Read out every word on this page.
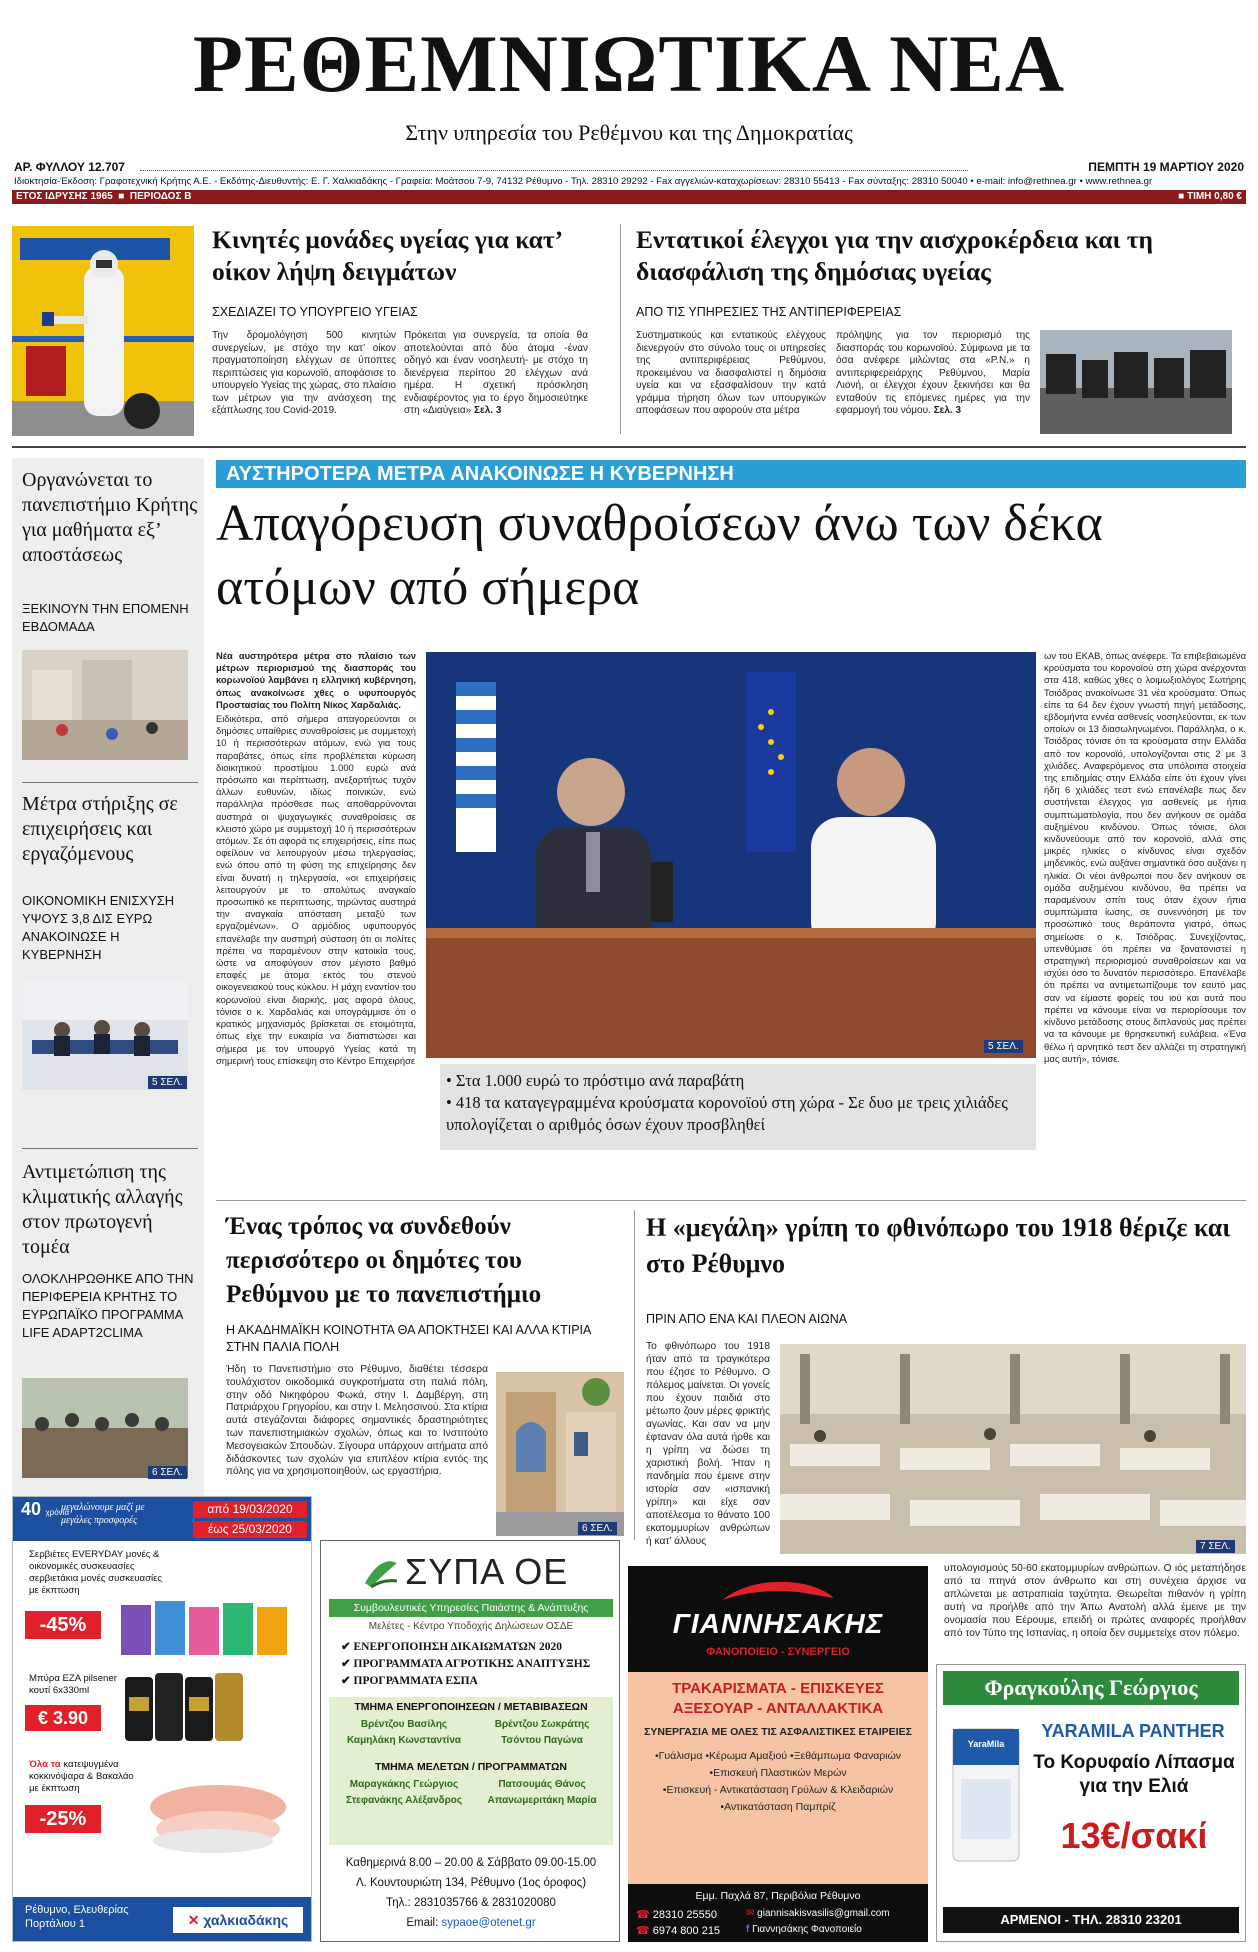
ΡΕΘΕΜΝΙΩΤΙΚΑ ΝΕΑ
Στην υπηρεσία του Ρεθέμνου και της Δημοκρατίας
ΑΡ. ΦΥΛΛΟΥ 12.707	ΠΕΜΠΤΗ 19 ΜΑΡΤΙΟΥ 2020
Ιδιοκτησία-Έκδοση: Γραφοτεχνική Κρήτης Α.Ε. - Εκδότης-Διευθυντής: Ε. Γ. Χαλκιαδάκης - Γραφεία: Μοάτσου 7-9, 74132 Ρέθυμνο - Τηλ. 28310 29292 - Fax αγγελιών-καταχωρίσεων: 28310 55413 - Fax σύνταξης: 28310 50040 • e-mail: info@rethnea.gr • www.rethnea.gr
ΕΤΟΣ ΙΔΡΥΣΗΣ 1965  ■  ΠΕΡΙΟΔΟΣ Β	■ ΤΙΜΗ 0,80 €
Κινητές μονάδες υγείας για κατ’ οίκον λήψη δειγμάτων
ΣΧΕΔΙΑΖΕΙ ΤΟ ΥΠΟΥΡΓΕΙΟ ΥΓΕΙΑΣ
Την δρομολόγηση 500 κινητών συνεργείων, με στόχο την κατ’ οίκον πραγματοποίηση ελέγχων σε ύποπτες περιπτώσεις για κορωνοϊό, αποφάσισε το υπουργείο Υγείας της χώρας, στο πλαίσιο των μέτρων για την ανάσχεση της εξάπλωσης του Covid-2019.
Πρόκειται για συνεργεία, τα οποία θα αποτελούνται από δύο άτομα -έναν οδηγό και έναν νοσηλευτή- με στόχο τη διενέργεια περίπου 20 ελέγχων ανά ημέρα. Η σχετική πρόσκληση ενδιαφέροντος για το έργο δημοσιεύτηκε στη «Διαύγεια» Σελ. 3
Εντατικοί έλεγχοι για την αισχροκέρδεια και τη διασφάλιση της δημόσιας υγείας
ΑΠΟ ΤΙΣ ΥΠΗΡΕΣΙΕΣ ΤΗΣ ΑΝΤΙΠΕΡΙΦΕΡΕΙΑΣ
Συστηματικούς και εντατικούς ελέγχους διενεργούν στο σύνολο τους οι υπηρεσίες της αντιπεριφέρειας Ρεθύμνου, προκειμένου να διασφαλιστεί η δημόσια υγεία και να εξασφαλίσουν την κατά γράμμα τήρηση όλων των υπουργικών αποφάσεων που αφορούν στα μέτρα
πρόληψης για τον περιορισμό της διασποράς του κορωνοϊού. Σύμφωνα με τα όσα ανέφερε μιλώντας στα «Ρ.Ν.» η αντιπεριφερειάρχης Ρεθύμνου, Μαρία Λιονή, οι έλεγχοι έχουν ξεκινήσει και θα ενταθούν τις επόμενες ημέρες για την εφαρμογή του νόμου. Σελ. 3
Οργανώνεται το πανεπιστήμιο Κρήτης για μαθήματα εξ’ αποστάσεως
ΞΕΚΙΝΟΥΝ ΤΗΝ ΕΠΟΜΕΝΗ ΕΒΔΟΜΑΔΑ
Μέτρα στήριξης σε επιχειρήσεις και εργαζόμενους
ΟΙΚΟΝΟΜΙΚΗ ΕΝΙΣΧΥΣΗ ΥΨΟΥΣ 3,8 ΔΙΣ ΕΥΡΩ ΑΝΑΚΟΙΝΩΣΕ Η ΚΥΒΕΡΝΗΣΗ
5 ΣΕΛ.
Αντιμετώπιση της κλιματικής αλλαγής στον πρωτογενή τομέα
ΟΛΟΚΛΗΡΩΘΗΚΕ ΑΠΟ ΤΗΝ ΠΕΡΙΦΕΡΕΙΑ ΚΡΗΤΗΣ ΤΟ ΕΥΡΩΠΑΪΚΟ ΠΡΟΓΡΑΜΜΑ LIFE ADAPT2CLIMA
6 ΣΕΛ.
ΑΥΣΤΗΡΟΤΕΡΑ ΜΕΤΡΑ ΑΝΑΚΟΙΝΩΣΕ Η ΚΥΒΕΡΝΗΣΗ
Απαγόρευση συναθροίσεων άνω των δέκα ατόμων από σήμερα
Νέα αυστηρότερα μέτρα στο πλαίσιο των μέτρων περιορισμού της διασποράς του κορωνοϊού λαμβάνει η ελληνική κυβέρνηση, όπως ανακοίνωσε χθες ο υφυπουργός Προστασίας του Πολίτη Νίκος Χαρδαλιάς.
Ειδικότερα, από σήμερα απαγορεύονται οι δημόσιες υπαίθριες συναθροίσεις με συμμετοχή 10 ή περισσότερων ατόμων, ενώ για τους παραβάτες, όπως είπε προβλέπεται κύρωση διοικητικού προστίμου 1.000 ευρώ ανά πρόσωπο και περίπτωση, ανεξαρτήτως τυχόν άλλων ευθυνών, ιδίως ποινικών, ενώ παράλληλα πρόσθεσε πως αποθαρρύνονται αυστηρά οι ψυχαγωγικές συναθροίσεις σε κλειστό χώρο με συμμετοχή 10 ή περισσότερων ατόμων. Σε ότι αφορά τις επιχειρήσεις, είπε πως οφείλουν να λειτουργούν μέσω τηλεργασίας, ενώ όπου από τη φύση της επιχείρησης δεν είναι δυνατή η τηλεργασία, «οι επιχειρήσεις λειτουργούν με το απολύτως αναγκαίο προσωπικό κε περιπτωσης, τηρώντας αυστηρά την αναγκαία απόσταση μεταξύ των εργαζομένων». Ο αρμόδιος υφυπουργός επανέλαβε την αυστηρή σύσταση ότι οι πολίτες πρέπει να παραμένουν στην κατοικία τους, ώστε να αποφύγουν στον μέγιστο βαθμό επαφές με άτομα εκτός του στενού οικογενειακού τους κύκλου. Η μάχη εναντίον του κορωνοϊού είναι διαρκής, μας αφορά όλους, τόνισε ο κ. Χαρδαλιάς και υπογράμμισε ότι ο κρατικός μηχανισμός βρίσκεται σε ετοιμότητα, όπως είχε την ευκαιρία να διαπιστώσει και σήμερα με τον υπουργό Υγείας κατά τη σημερινή τους επίσκεψη στο Κέντρο Επιχειρήσε
5 ΣΕΛ.
• Στα 1.000 ευρώ το πρόστιμο ανά παραβάτη
• 418 τα καταγεγραμμένα κρούσματα κορονοϊού στη χώρα - Σε δυο με τρεις χιλιάδες υπολογίζεται ο αριθμός όσων έχουν προσβληθεί
ων του ΕΚΑΒ, όπως ανέφερε. Τα επιβεβαιωμένα κρούσματα του κορονοϊού στη χώρα ανέρχονται στα 418, καθώς χθες ο λοιμωξιολόγος Σωτήρης Τσιόδρας ανακοίνωσε 31 νέα κρούσματα. Όπως είπε τα 64 δεν έχουν γνωστή πηγή μετάδοσης, εβδομήντα εννέα ασθενείς νοσηλεύονται, εκ των οποίων οι 13 διασωληνωμένοι. Παράλληλα, ο κ. Τσιόδρας τόνισε ότι τα κρούσματα στην Ελλάδα από τον κορονοϊό, υπολογίζονται στις 2 με 3 χιλιάδες. Αναφερόμενος στα υπόλοιπα στοιχεία της επιδημίας στην Ελλάδα είπε ότι έχουν γίνει ήδη 6 χιλιάδες τεστ ενώ επανέλαβε πως δεν συστήνεται έλεγχος για ασθενείς με ήπια συμπτωματολογία, που δεν ανήκουν σε ομάδα αυξημένου κινδύνου. Όπως τόνισε, όλοι κινδυνεύουμε από τον κορονοϊό, αλλά στις μικρές ηλικίες ο κίνδυνος είναι σχεδόν μηδενικός, ενώ αυξάνει σημαντικά όσο αυξάνει η ηλικία. Οι νέοι άνθρωποι που δεν ανήκουν σε ομάδα αυξημένου κινδύνου, θα πρέπει να παραμένουν σπίτι τους όταν έχουν ήπια συμπτώματα ίωσης, σε συνεννόηση με τον προσωπικό τους θεράποντα γιατρό, όπως σημείωσε ο κ. Τσιόδρας. Συνεχίζοντας, υπενθύμισε ότι πρέπει να ξανατονιστεί η στρατηγική περιορισμού συναθροίσεων και να ισχύει όσο το δυνατόν περισσότερο. Επανέλαβε ότι πρέπει να αντιμετωπίζουμε τον εαυτό μας σαν να είμαστε φορείς του ιού και αυτά που πρέπει να κάνουμε είναι να περιορίσουμε τον κίνδυνο μετάδοσης στους διπλανούς μας πρέπει να τα κάνουμε με θρησκευτική ευλάβεια. «Ένα θέλω ή αρνητικό τεστ δεν αλλάζει τη στρατηγική μας αυτή», τόνισε.
Ένας τρόπος να συνδεθούν περισσότερο οι δημότες του Ρεθύμνου με το πανεπιστήμιο
Η ΑΚΑΔΗΜΑΪΚΗ ΚΟΙΝΟΤΗΤΑ ΘΑ ΑΠΟΚΤΗΣΕΙ ΚΑΙ ΑΛΛΑ ΚΤΙΡΙΑ ΣΤΗΝ ΠΑΛΙΑ ΠΟΛΗ
Ήδη το Πανεπιστήμιο στο Ρέθυμνο, διαθέτει τέσσερα τουλάχιστον οικοδομικά συγκροτήματα στη παλιά πόλη, στην οδό Νικηφόρου Φωκά, στην Ι. Δαμβέργη, στη Πατριάρχου Γρηγορίου, και στην Ι. Μελησσινού. Στα κτίρια αυτά στεγάζονται διάφορες σημαντικές δραστηριότητες των πανεπιστημιακών σχολών, όπως και το Ινστιτούτο Μεσογειακών Σπουδών. Σίγουρα υπάρχουν αιτήματα από διδάσκοντες των σχολών για επιπλέον κτίρια εντός της πόλης για να χρησιμοποιηθούν, ως εργαστήρια.
6 ΣΕΛ.
Η «μεγάλη» γρίπη το φθινόπωρο του 1918 θέριζε και στο Ρέθυμνο
ΠΡΙΝ ΑΠΟ ΕΝΑ ΚΑΙ ΠΛΕΟΝ ΑΙΩΝΑ
Το φθινόπωρο του 1918 ήταν από τα τραγικότερα που έζησε το Ρέθυμνο. Ο πόλεμος μαίνεται. Οι γονείς που έχουν παιδιά στο μέτωπο ζουν μέρες φρικτής αγωνίας. Και σαν να μην έφταναν όλα αυτά ήρθε και η γρίπη να δώσει τη χαριστική βολή. Ήταν η πανδημία που έμεινε στην ιστορία σαν «ισπανική γρίπη» και είχε σαν αποτέλεσμα το θάνατο 100 εκατομμυρίων ανθρώπων ή κατ’ άλλους	7 ΣΕΛ.
υπολογισμούς 50-60 εκατομμυρίων ανθρώπων. Ο ιός μεταπήδησε από τα πτηνά στον άνθρωπο και στη συνέχεια άρχισε να απλώνεται με αστραπιαία ταχύτητα. Θεωρείται πιθανόν η γρίπη αυτή να προήλθε από την Άπω Ανατολή αλλά έμεινε με την ονομασία που Εέρουμε, επειδή οι πρώτες αναφορές προήλθαν από τον Τύπο της Ισπανίας, η οποία δεν συμμετείχε στον πόλεμο.
40 χρόνια
μεγαλώνουμε μαζί με μεγάλες προσφορές
από 19/03/2020
έως 25/03/2020
Σερβιέτες EVERYDAY μονές & οικονομικές συσκευασίες σερβιετάκια μονές συσκευασίες με έκπτωση
-45%
Μπύρα ΕΖΑ pilsener κουτί 6x330ml
€ 3.90
Όλα τα κατεψυγμένα κοκκινόψαρα & Βακαλάο με έκπτωση
-25%
Ρέθυμνο, Ελευθερίας Πορτάλιου 1	✕ χαλκιαδάκης
ΣΥΠΑ ΟΕ
Συμβουλευτικές Υπηρεσίες Παιάστης & Ανάπτυξης
Μελέτες - Κέντρο Υποδοχής Δηλώσεων ΟΣΔΕ
✔ ΕΝΕΡΓΟΠΟΙΗΣΗ ΔΙΚΑΙΩΜΑΤΩΝ 2020
✔ ΠΡΟΓΡΑΜΜΑΤΑ ΑΓΡΟΤΙΚΗΣ ΑΝΑΠΤΥΞΗΣ
✔ ΠΡΟΓΡΑΜΜΑΤΑ ΕΣΠΑ
ΤΜΗΜΑ ΕΝΕΡΓΟΠΟΙΗΣΕΩΝ / ΜΕΤΑΒΙΒΑΣΕΩΝ
Βρέντζου Βασίλης	Βρέντζου Σωκράτης
Καμηλάκη Κωνσταντίνα	Τσόντου Παγώνα
ΤΜΗΜΑ ΜΕΛΕΤΩΝ / ΠΡΟΓΡΑΜΜΑΤΩΝ
Μαραγκάκης Γεώργιος	Πατσουμάς Θάνος
Στεφανάκης Αλέξανδρος	Απανωμεριτάκη Μαρία
Καθημερινά 8.00 – 20.00 & Σάββατο 09.00-15.00
Λ. Κουντουριώτη 134, Ρέθυμνο (1ος όροφος)
Τηλ.: 2831035766 & 2831020080
Email: sypaoe@otenet.gr
ΓΙΑΝΝΗΣΑΚΗΣ
ΦΑΝΟΠΟΙΕΙΟ - ΣΥΝΕΡΓΕΙΟ
ΤΡΑΚΑΡΙΣΜΑΤΑ - ΕΠΙΣΚΕΥΕΣ
ΑΞΕΣΟΥΑΡ - ΑΝΤΑΛΛΑΚΤΙΚΑ
ΣΥΝΕΡΓΑΣΙΑ ΜΕ ΟΛΕΣ ΤΙΣ ΑΣΦΑΛΙΣΤΙΚΕΣ ΕΤΑΙΡΕΙΕΣ
•Γυάλισμα •Κέρωμα Αμαξιού •Ξεθάμπωμα Φαναριών
•Επισκευή Πλαστικών Μερών
•Επισκευή - Αντικατάσταση Γρύλων & Κλειδαριών
•Αντικατάσταση Παμπρίζ
Εμμ. Παχλά 87, Περιβόλια Ρέθυμνο
☎ 28310 25550
☎ 6974 800 215
✉ giannisakisvasilis@gmail.com
f Γιαννησάκης Φανοποιείο
Φραγκούλης Γεώργιος
YaraMila
YARAMILA PANTHER
Το Κορυφαίο Λίπασμα για την Ελιά
13€/σακί
ΑΡΜΕΝΟΙ - ΤΗΛ. 28310 23201
